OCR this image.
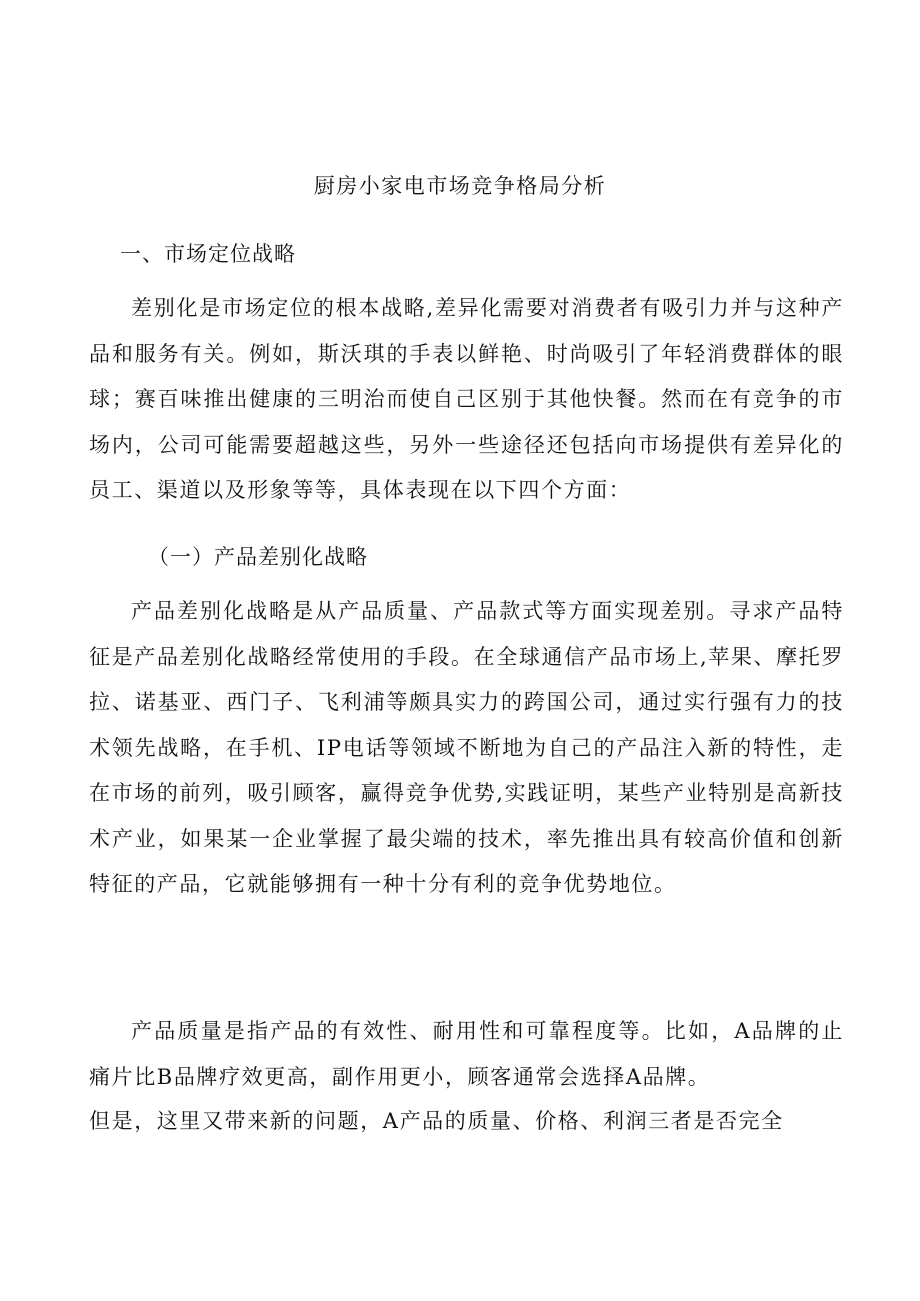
厨房小家电市场竞争格局分析
一、市场定位战略

差别化是市场定位的根本战略,差异化需要对消费者有吸引力并与这种产品和服务有关。例如，斯沃琪的手表以鲜艳、时尚吸引了年轻消费群体的眼球；赛百味推出健康的三明治而使自己区别于其他快餐。然而在有竞争的市场内，公司可能需要超越这些，另外一些途径还包括向市场提供有差异化的员工、渠道以及形象等等，具体表现在以下四个方面：

（一）产品差别化战略

产品差别化战略是从产品质量、产品款式等方面实现差别。寻求产品特征是产品差别化战略经常使用的手段。在全球通信产品市场上,苹果、摩托罗拉、诺基亚、西门子、飞利浦等颇具实力的跨国公司，通过实行强有力的技术领先战略，在手机、IP电话等领域不断地为自己的产品注入新的特性，走在市场的前列，吸引顾客，赢得竞争优势,实践证明，某些产业特别是高新技术产业，如果某一企业掌握了最尖端的技术，率先推出具有较高价值和创新特征的产品，它就能够拥有一种十分有利的竞争优势地位。

产品质量是指产品的有效性、耐用性和可靠程度等。比如，A品牌的止痛片比B品牌疗效更高，副作用更小，顾客通常会选择A品牌。

但是，这里又带来新的问题，A产品的质量、价格、利润三者是否完全
